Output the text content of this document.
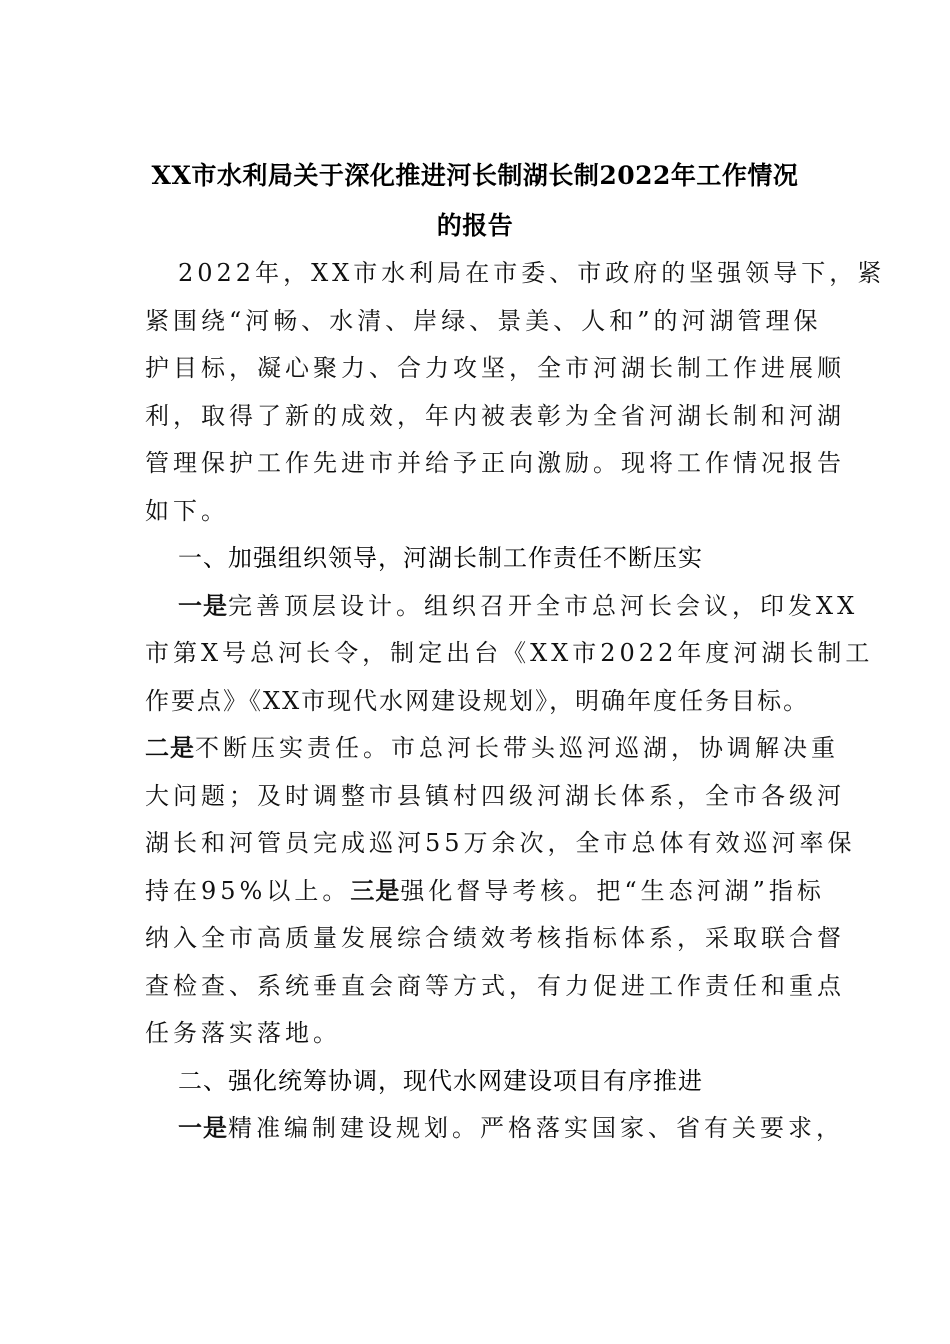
XX市水利局关于深化推进河长制湖长制2022年工作情况
的报告
2022年，XX市水利局在市委、市政府的坚强领导下，紧
紧围绕“河畅、水清、岸绿、景美、人和”的河湖管理保
护目标，凝心聚力、合力攻坚，全市河湖长制工作进展顺
利，取得了新的成效，年内被表彰为全省河湖长制和河湖
管理保护工作先进市并给予正向激励。现将工作情况报告
如下。
一、加强组织领导，河湖长制工作责任不断压实
一是完善顶层设计。组织召开全市总河长会议，印发XX
市第X号总河长令，制定出台《XX市2022年度河湖长制工
作要点》《XX市现代水网建设规划》，明确年度任务目标。
二是不断压实责任。市总河长带头巡河巡湖，协调解决重
大问题；及时调整市县镇村四级河湖长体系，全市各级河
湖长和河管员完成巡河55万余次，全市总体有效巡河率保
持在95%以上。三是强化督导考核。把“生态河湖”指标
纳入全市高质量发展综合绩效考核指标体系，采取联合督
查检查、系统垂直会商等方式，有力促进工作责任和重点
任务落实落地。
二、强化统筹协调，现代水网建设项目有序推进
一是精准编制建设规划。严格落实国家、省有关要求，
